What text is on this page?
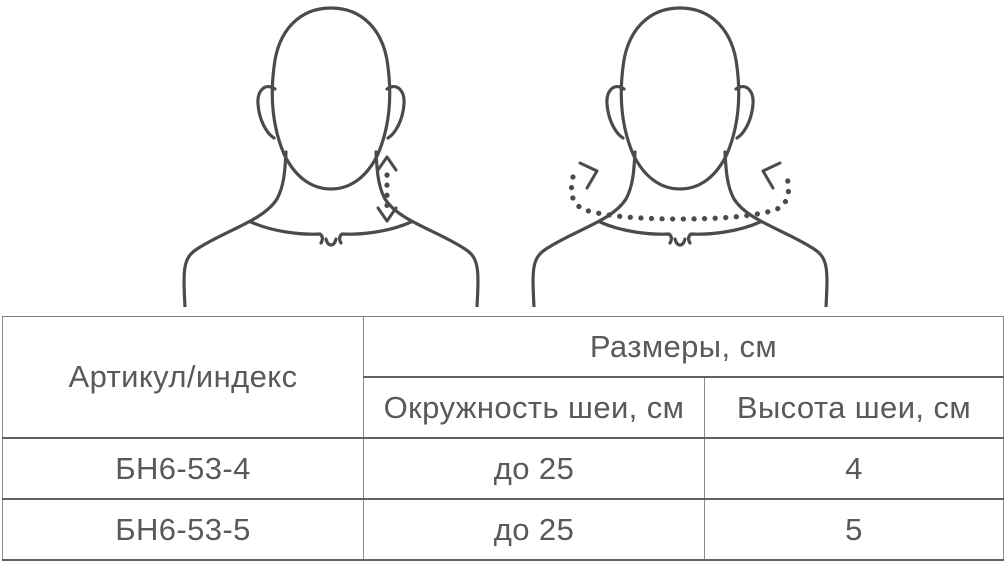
Артикул/индекс	Размеры, см	
	Окружность шеи, см	Высота шеи, см
БН6-53-4	до 25	4
БН6-53-5	до 25	5
